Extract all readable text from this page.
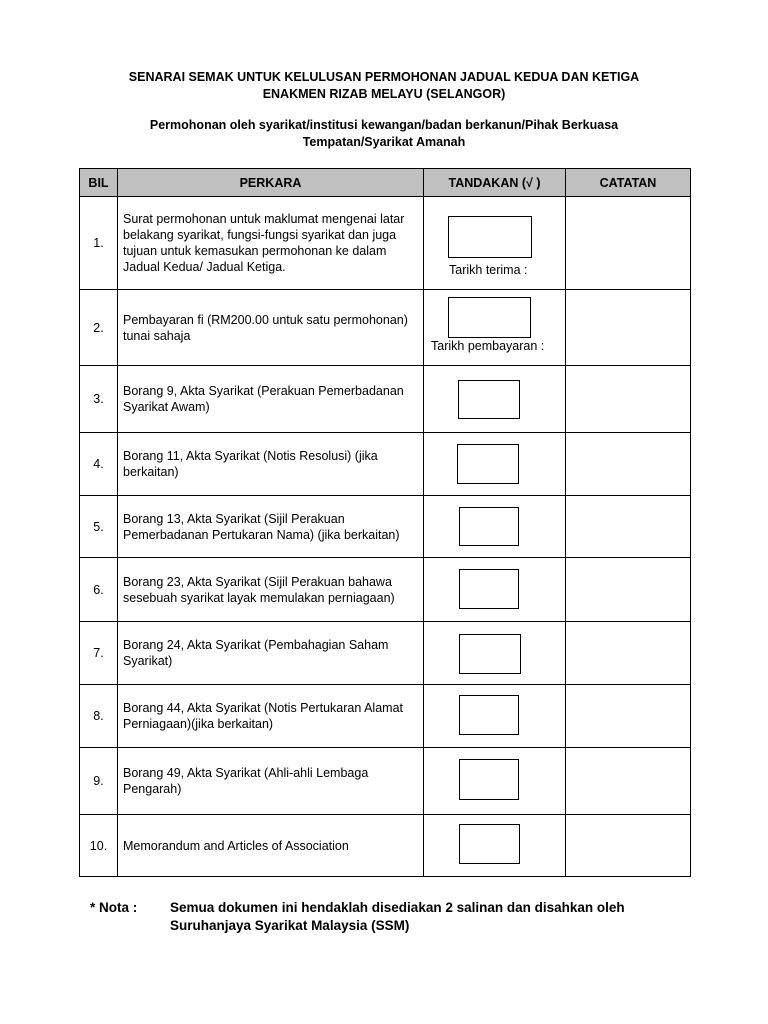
SENARAI SEMAK UNTUK KELULUSAN PERMOHONAN JADUAL KEDUA DAN KETIGA
ENAKMEN RIZAB MELAYU (SELANGOR)
Permohonan oleh syarikat/institusi kewangan/badan berkanun/Pihak Berkuasa
Tempatan/Syarikat Amanah
BIL	PERKARA	TANDAKAN (√ )	CATATAN
1.	Surat permohonan untuk maklumat mengenai latar belakang syarikat, fungsi-fungsi syarikat dan juga tujuan untuk kemasukan permohonan ke dalam Jadual Kedua/ Jadual Ketiga.	Tarikh terima :	

2.	Pembayaran fi (RM200.00 untuk satu permohonan) tunai sahaja	Tarikh pembayaran :	

3.	Borang 9, Akta Syarikat (Perakuan Pemerbadanan Syarikat Awam)	

4.	Borang 11, Akta Syarikat (Notis Resolusi) (jika berkaitan)	

5.	Borang 13, Akta Syarikat (Sijil Perakuan Pemerbadanan Pertukaran Nama) (jika berkaitan)	

6.	Borang 23, Akta Syarikat (Sijil Perakuan bahawa sesebuah syarikat layak memulakan perniagaan)	

7.	Borang 24, Akta Syarikat (Pembahagian Saham Syarikat)	

8.	Borang 44, Akta Syarikat (Notis Pertukaran Alamat Perniagaan)(jika berkaitan)	

9.	Borang 49, Akta Syarikat (Ahli-ahli Lembaga Pengarah)	

10.	Memorandum and Articles of Association	

* Nota : Semua dokumen ini hendaklah disediakan 2 salinan dan disahkan oleh
Suruhanjaya Syarikat Malaysia (SSM)
